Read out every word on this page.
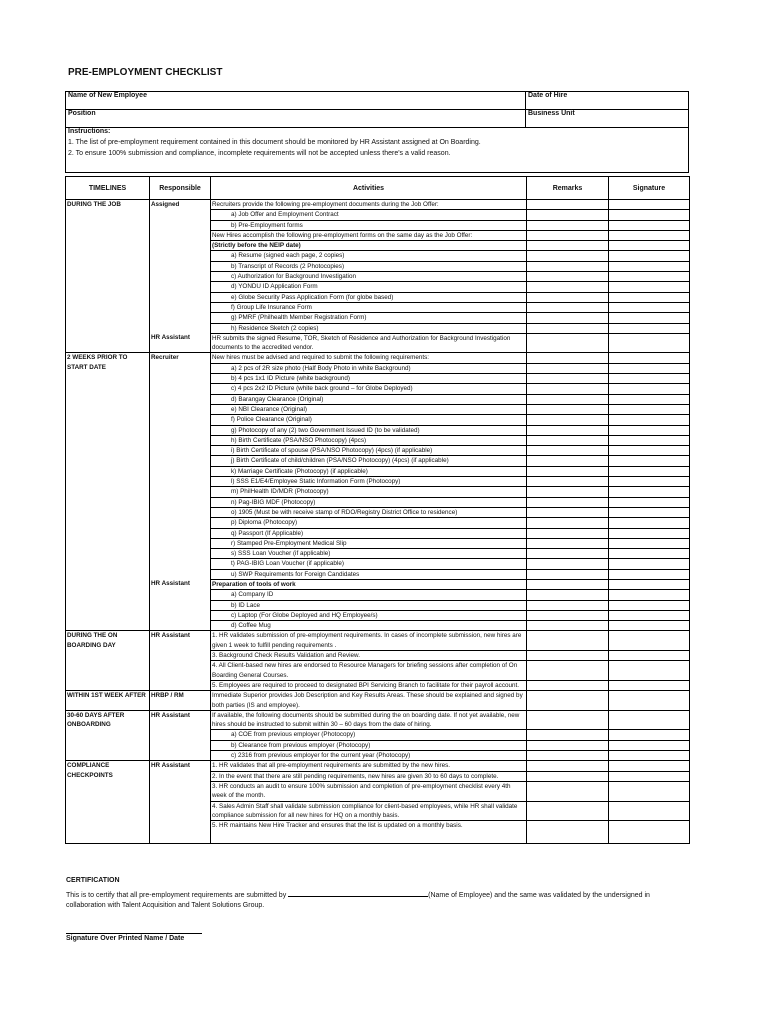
PRE-EMPLOYMENT CHECKLIST
Name of New Employee	Date of Hire
Position	Business Unit

Instructions:
1. The list of pre-employment requirement contained in this document should be monitored by HR Assistant assigned at On Boarding.
2. To ensure 100% submission and compliance, incomplete requirements will not be accepted unless there's a valid reason.	
TIMELINES	Responsible	Activities	Remarks	Signature
DURING THE JOB	Assigned	Recruiters provide the following pre-employment documents during the Job Offer:		
		a) Job Offer and Employment Contract		
		b) Pre-Employment forms		
		New Hires accomplish the following pre-employment forms on the same day as the Job Offer:		
		(Strictly before the NEIP date)		
		a) Resume (signed each page, 2 copies)		
		b) Transcript of Records (2 Photocopies)		
		c) Authorization for Background Investigation		
		d) YONDU ID Application Form		
		e) Globe Security Pass Application Form (for globe based)		
		f) Group Life Insurance Form		
		g) PMRF (Philhealth Member Registration Form)		
		h) Residence Sketch (2 copies)		
	HR Assistant	HR submits the signed Resume, TOR, Sketch of Residence and Authorization for Background Investigation documents to the accredited vendor.		
2 WEEKS PRIOR TO START DATE	Recruiter	New hires must be advised and required to submit the following requirements:		
		a) 2 pcs of 2R size photo (Half Body Photo in white Background)		
		b) 4 pcs 1x1 ID Picture (white background)		
		c) 4 pcs 2x2 ID Picture (white back ground – for Globe Deployed)		
		d) Barangay Clearance (Original)		
		e) NBI Clearance (Original)		
		f) Police Clearance (Original)		
		g) Photocopy of any (2) two Government Issued ID (to be validated)		
		h) Birth Certificate (PSA/NSO Photocopy) (4pcs)		
		i) Birth Certificate of spouse (PSA/NSO Photocopy) (4pcs) (if applicable)		
		j) Birth Certificate of child/children (PSA/NSO Photocopy) (4pcs) (if applicable)		
		k) Marriage Certificate (Photocopy) (if applicable)		
		l) SSS E1/E4/Employee Static Information Form (Photocopy)		
		m) PhilHealth ID/MDR (Photocopy)		
		n) Pag-IBIG MDF (Photocopy)		
		o) 1905 (Must be with receive stamp of RDO/Registry District Office to residence)		
		p) Diploma (Photocopy)		
		q) Passport (If Applicable)		
		r) Stamped Pre-Employment Medical Slip		
		s) SSS Loan Voucher (if applicable)		
		t) PAG-IBIG Loan Voucher (if applicable)		
		u) SWP Requirements for Foreign Candidates		
	HR Assistant	Preparation of tools of work		
		a) Company ID		
		b) ID Lace		
		c) Laptop (For Globe Deployed and HQ Employee/s)		
		d) Coffee Mug		
DURING THE ON BOARDING DAY	HR Assistant	1. HR validates submission of pre-employment requirements. In cases of incomplete submission, new hires are given 1 week to fulfill pending requirements .		
		3. Background Check Results Validation and Review.		
		4. All Client-based new hires are endorsed to Resource Managers for briefing sessions after completion of On Boarding General Courses.		
		5. Employees are required to proceed to designated BPI Servicing Branch to facilitate for their payroll account.		
WITHIN 1ST WEEK AFTER	HRBP / RM	Immediate Superior provides Job Description and Key Results Areas. These should be explained and signed by both parties (IS and employee).		
30-60 DAYS AFTER ONBOARDING	HR Assistant	If available, the following documents should be submitted during the on boarding date. If not yet available, new hires should be instructed to submit within 30 – 60 days from the date of hiring.		
		a) COE from previous employer (Photocopy)		
		b) Clearance from previous employer (Photocopy)		
		c) 2316 from previous employer for the current year (Photocopy)		
COMPLIANCE CHECKPOINTS	HR Assistant	1. HR validates that all pre-employment requirements are submitted by the new hires.		
		2. In the event that there are still pending requirements, new hires are given 30 to 60 days to complete.		
		3. HR conducts an audit to ensure 100% submission and completion of pre-employment checklist every 4th week of the month.		
		4. Sales Admin Staff shall validate submission compliance for client-based employees, while HR shall validate compliance submission for all new hires for HQ on a monthly basis.		
		5. HR maintains New Hire Tracker and ensures that the list is updated on a monthly basis.		
CERTIFICATION
This is to certify that all pre-employment requirements are submitted by	(Name of Employee) and the same was validated by the undersigned in collaboration with Talent Acquisition and Talent Solutions Group.
Signature Over Printed Name / Date
